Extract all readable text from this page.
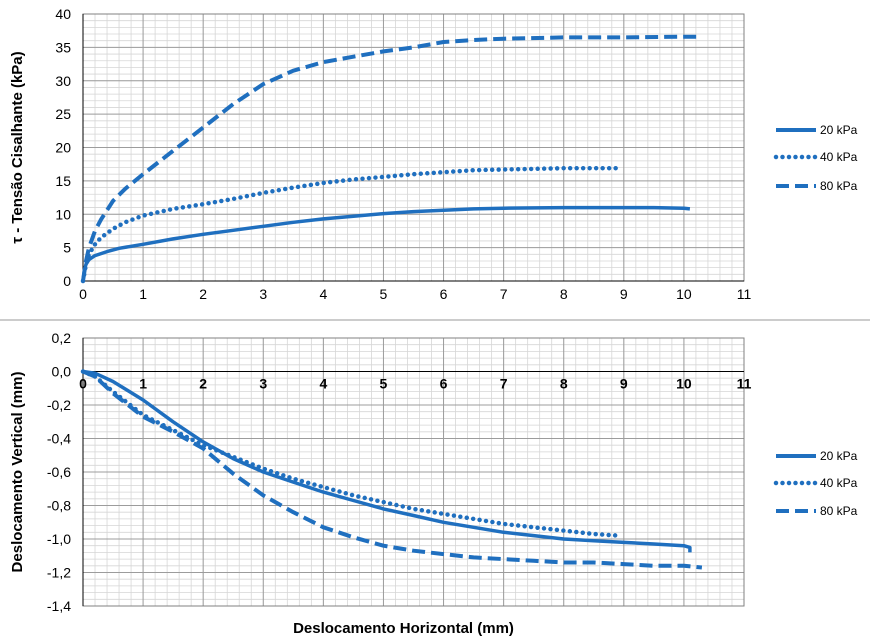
0	1	2	3	4	5	6	7	8	9	10	11
0
5
10
15
20
25
30
35
40
20 kPa
40 kPa
80 kPa
τ - Tensão Cisalhante (kPa)
0	1	2	3	4	5	6	7	8	9	10	11
-1,4
-1,2
-1,0
-0,8
-0,6
-0,4
-0,2
0,0
0,2
20 kPa
40 kPa
80 kPa
Deslocamento Vertical (mm)
Deslocamento Horizontal (mm)
